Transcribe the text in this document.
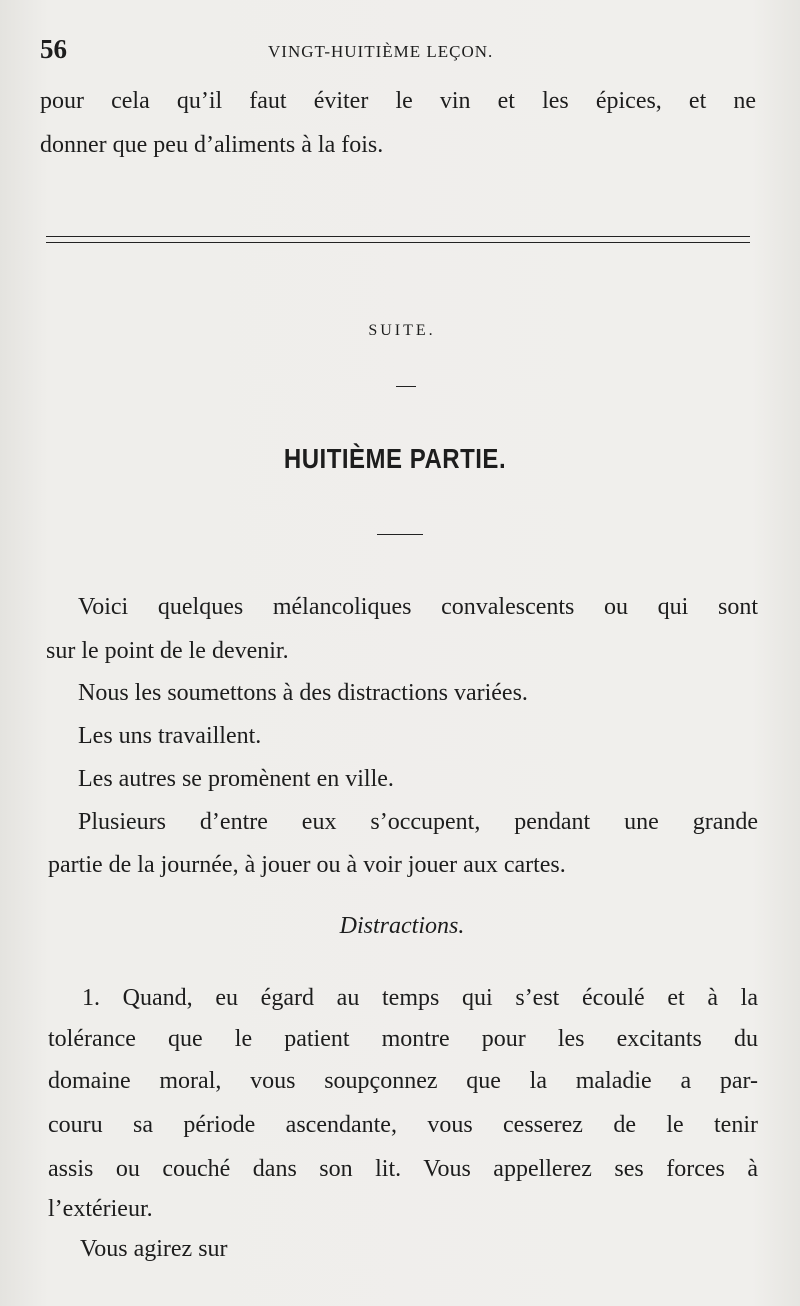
56	VINGT-HUITIÈME LEÇON.
pour cela qu’il faut éviter le vin et les épices, et ne
donner que peu d’aliments à la fois.
SUITE.
HUITIÈME PARTIE.
Voici quelques mélancoliques convalescents ou qui sont
sur le point de le devenir.
Nous les soumettons à des distractions variées.
Les uns travaillent.
Les autres se promènent en ville.
Plusieurs d’entre eux s’occupent, pendant une grande
partie de la journée, à jouer ou à voir jouer aux cartes.
Distractions.
1. Quand, eu égard au temps qui s’est écoulé et à la
tolérance que le patient montre pour les excitants du
domaine moral, vous soupçonnez que la maladie a par-
couru sa période ascendante, vous cesserez de le tenir
assis ou couché dans son lit. Vous appellerez ses forces à
l’extérieur.
Vous agirez sur
